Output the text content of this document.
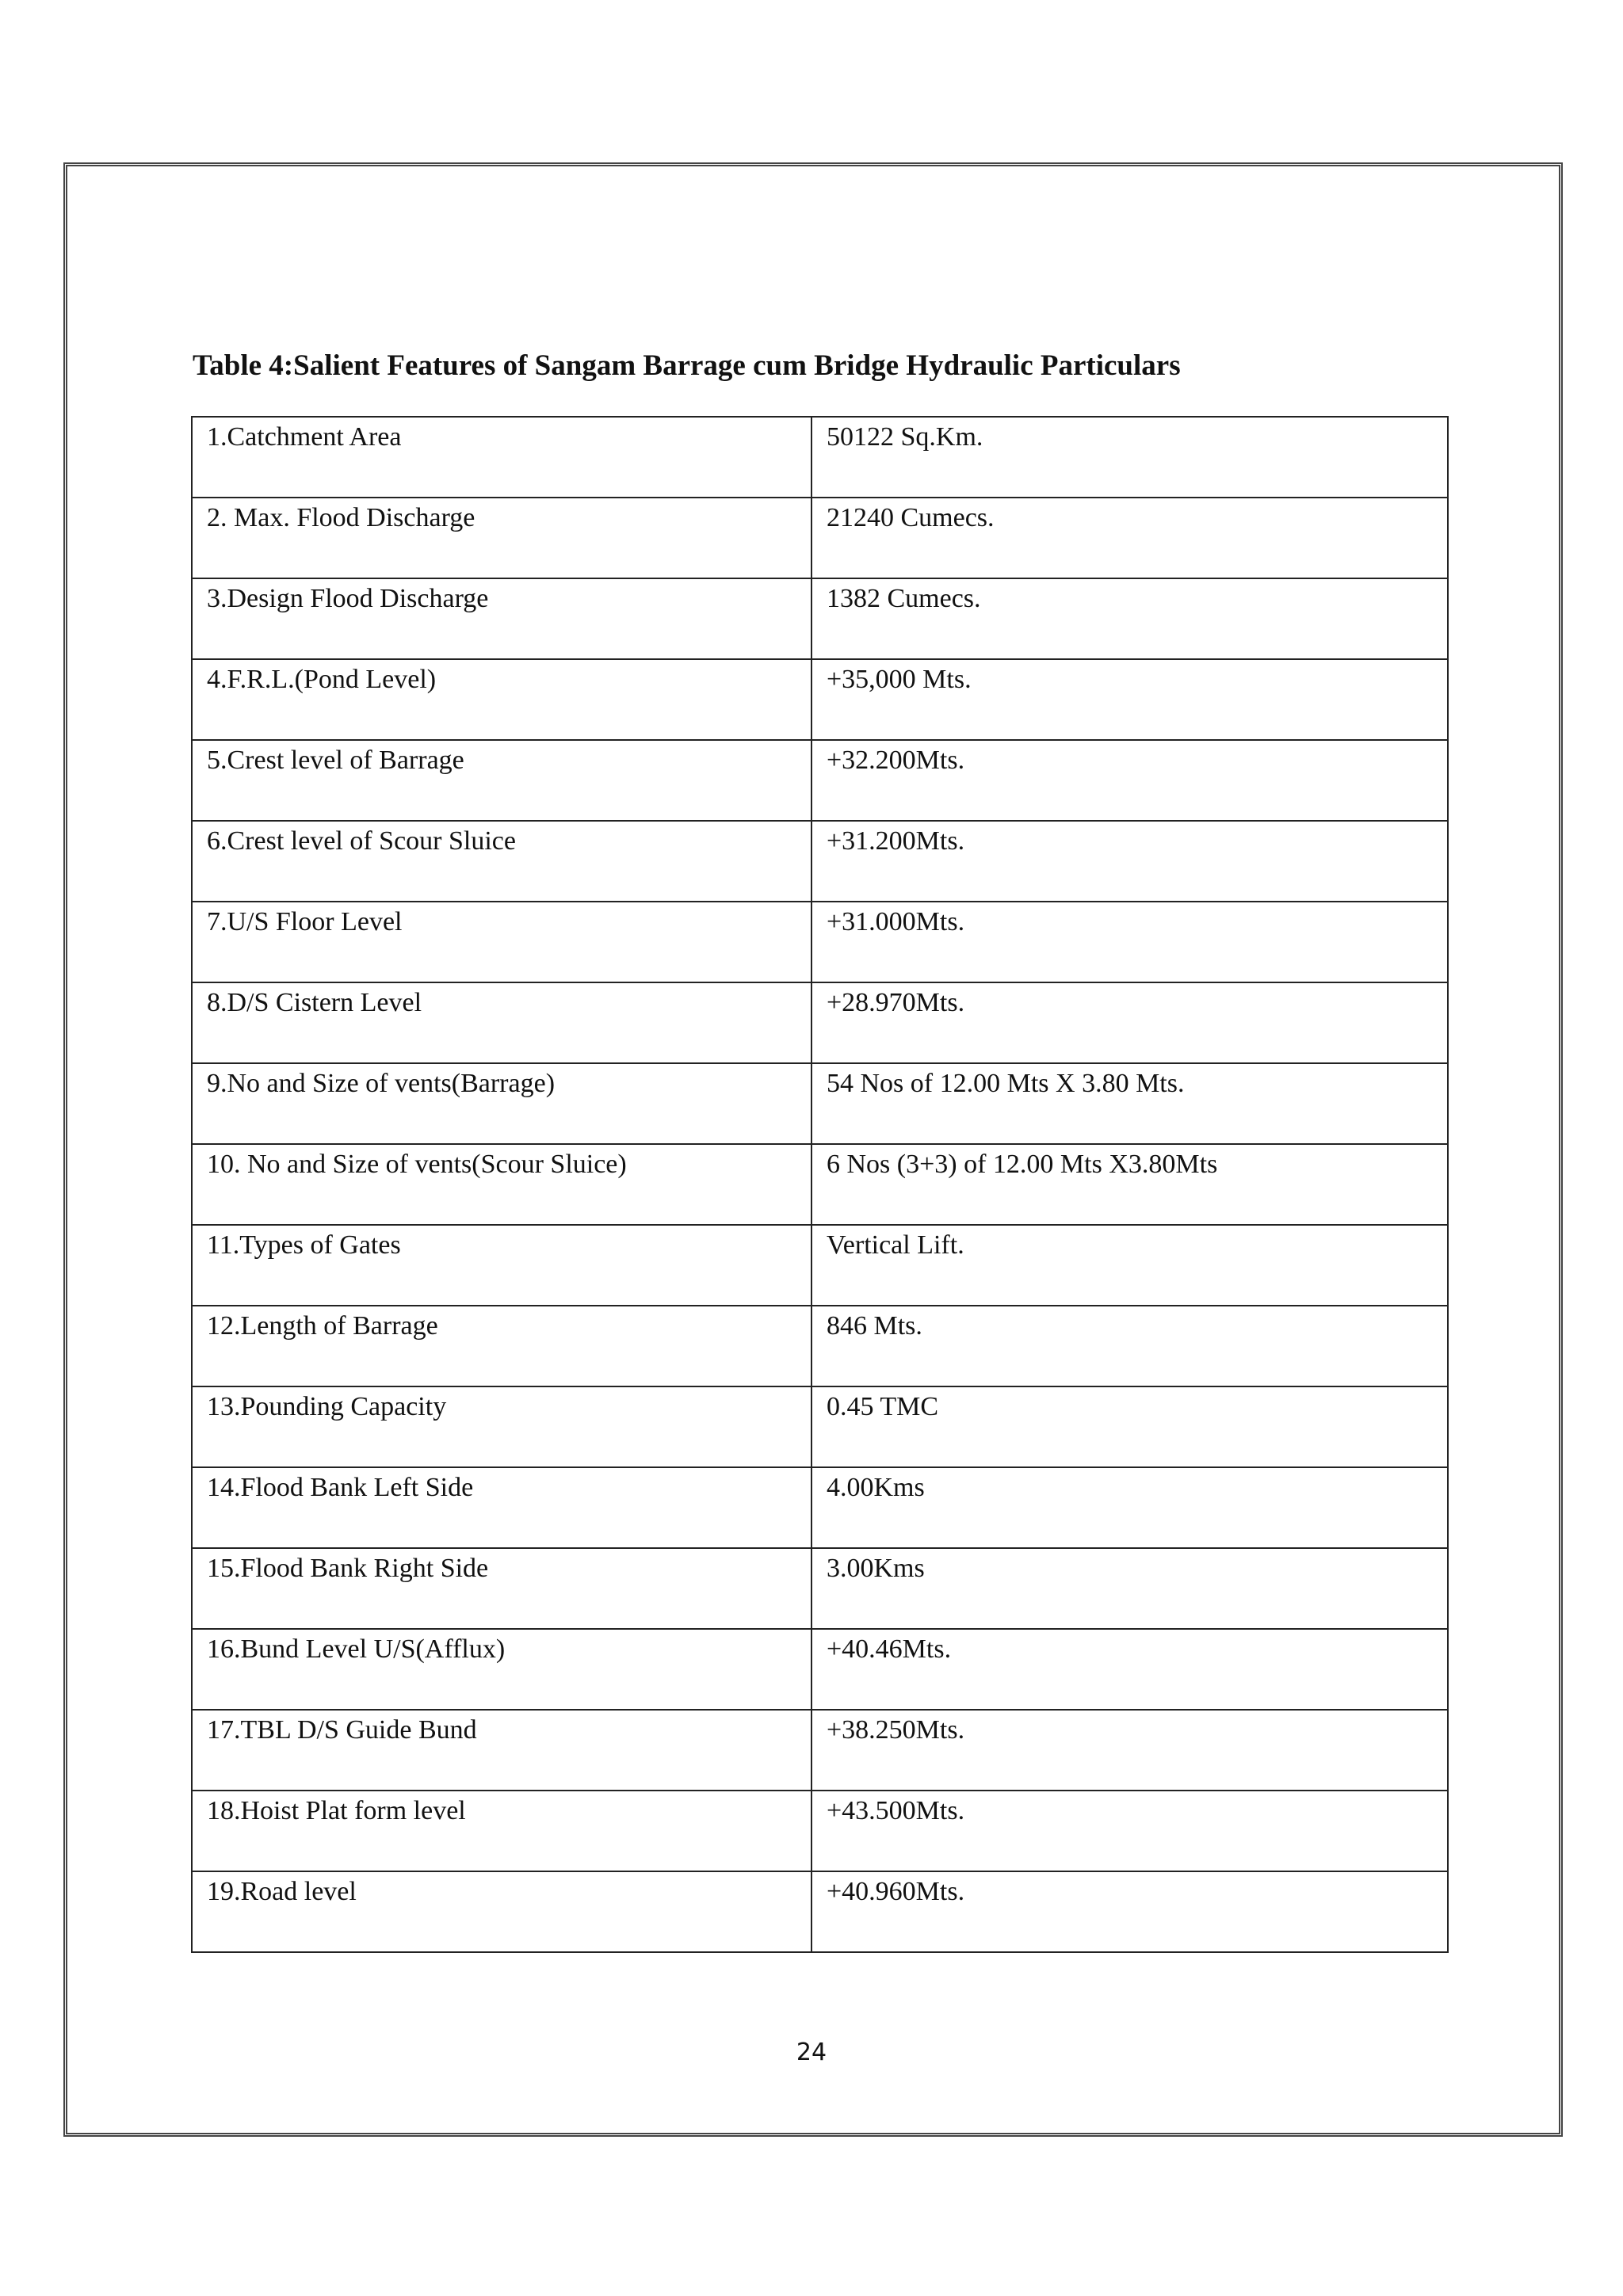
Table 4:Salient Features of Sangam Barrage cum Bridge Hydraulic Particulars
1.Catchment Area	50122 Sq.Km.
2. Max. Flood Discharge	21240 Cumecs.
3.Design Flood Discharge	1382 Cumecs.
4.F.R.L.(Pond Level)	+35,000 Mts.
5.Crest level of Barrage	+32.200Mts.
6.Crest level of Scour Sluice	+31.200Mts.
7.U/S Floor Level	+31.000Mts.
8.D/S Cistern Level	+28.970Mts.
9.No and Size of vents(Barrage)	54 Nos of 12.00 Mts X 3.80 Mts.
10. No and Size of vents(Scour Sluice)	6 Nos (3+3) of 12.00 Mts X3.80Mts
11.Types of Gates	Vertical Lift.
12.Length of Barrage	846 Mts.
13.Pounding Capacity	0.45 TMC
14.Flood Bank Left Side	4.00Kms
15.Flood Bank Right Side	3.00Kms
16.Bund Level U/S(Afflux)	+40.46Mts.
17.TBL D/S Guide Bund	+38.250Mts.
18.Hoist Plat form level	+43.500Mts.
19.Road level	+40.960Mts.
24
